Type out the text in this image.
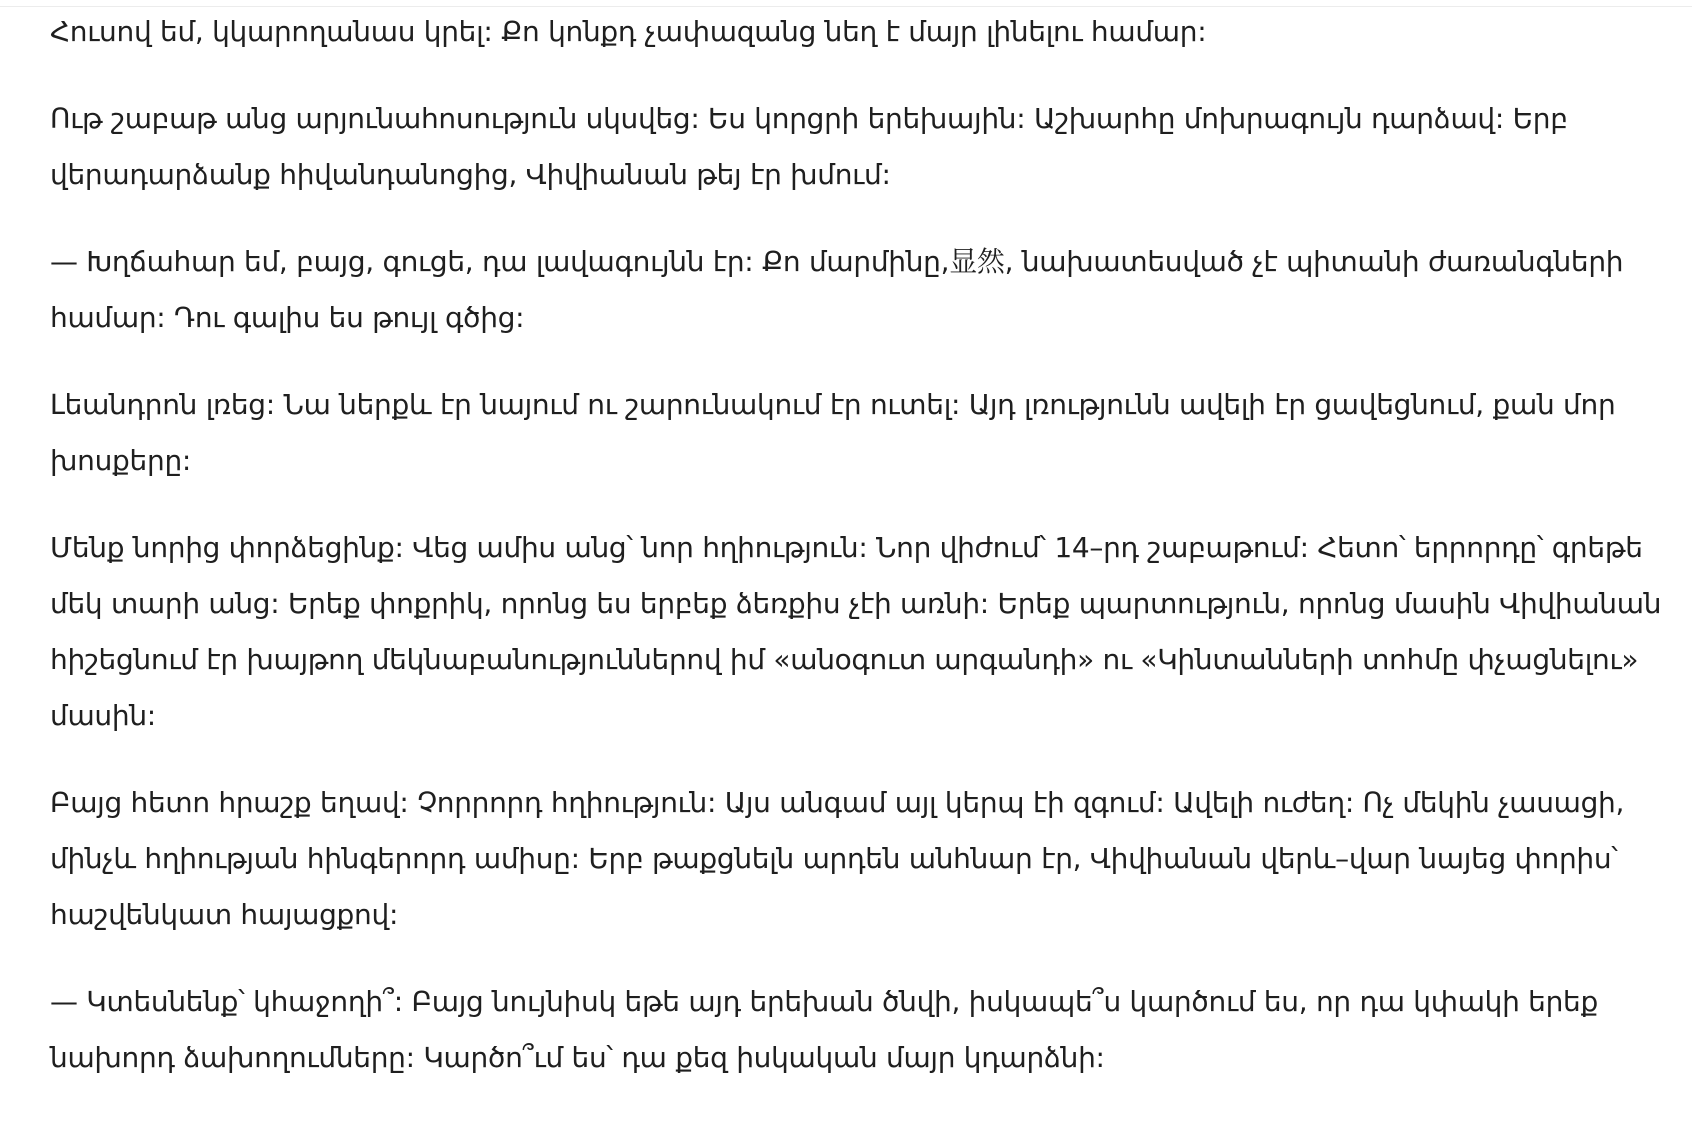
Հուսով եմ, կկարողանաս կրել: Քո կոնքդ չափազանց նեղ է մայր լինելու համար:

Ութ շաբաթ անց արյունահոսություն սկսվեց: Ես կորցրի երեխային: Աշխարհը մոխրագույն դարձավ: Երբ վերադարձանք հիվանդանոցից, Վիվիանան թեյ էր խմում:

— Խղճահար եմ, բայց, գուցե, դա լավագույնն էր: Քո մարմինը,显然, նախատեսված չէ պիտանի ժառանգների համար: Դու գալիս ես թույլ գծից:

Լեանդրոն լռեց: Նա ներքև էր նայում ու շարունակում էր ուտել: Այդ լռությունն ավելի էր ցավեցնում, քան մոր խոսքերը:

Մենք նորից փորձեցինք: Վեց ամիս անց՝ նոր հղիություն: Նոր վիժում՝ 14–րդ շաբաթում: Հետո՝ երրորդը՝ գրեթե մեկ տարի անց: Երեք փոքրիկ, որոնց ես երբեք ձեռքիս չէի առնի: Երեք պարտություն, որոնց մասին Վիվիանան հիշեցնում էր խայթող մեկնաբանություններով իմ «անօգուտ արգանդի» ու «Կինտանների տոհմը փչացնելու» մասին:

Բայց հետո հրաշք եղավ: Չորրորդ հղիություն: Այս անգամ այլ կերպ էի զգում: Ավելի ուժեղ: Ոչ մեկին չասացի, մինչև հղիության հինգերորդ ամիսը: Երբ թաքցնելն արդեն անհնար էր, Վիվիանան վերև–վար նայեց փորիս՝ հաշվենկատ հայացքով:

— Կտեսնենք՝ կհաջողի՞: Բայց նույնիսկ եթե այդ երեխան ծնվի, իսկապե՞ս կարծում ես, որ դա կփակի երեք նախորդ ձախողումները: Կարծո՞ւմ ես՝ դա քեզ իսկական մայր կդարձնի:
